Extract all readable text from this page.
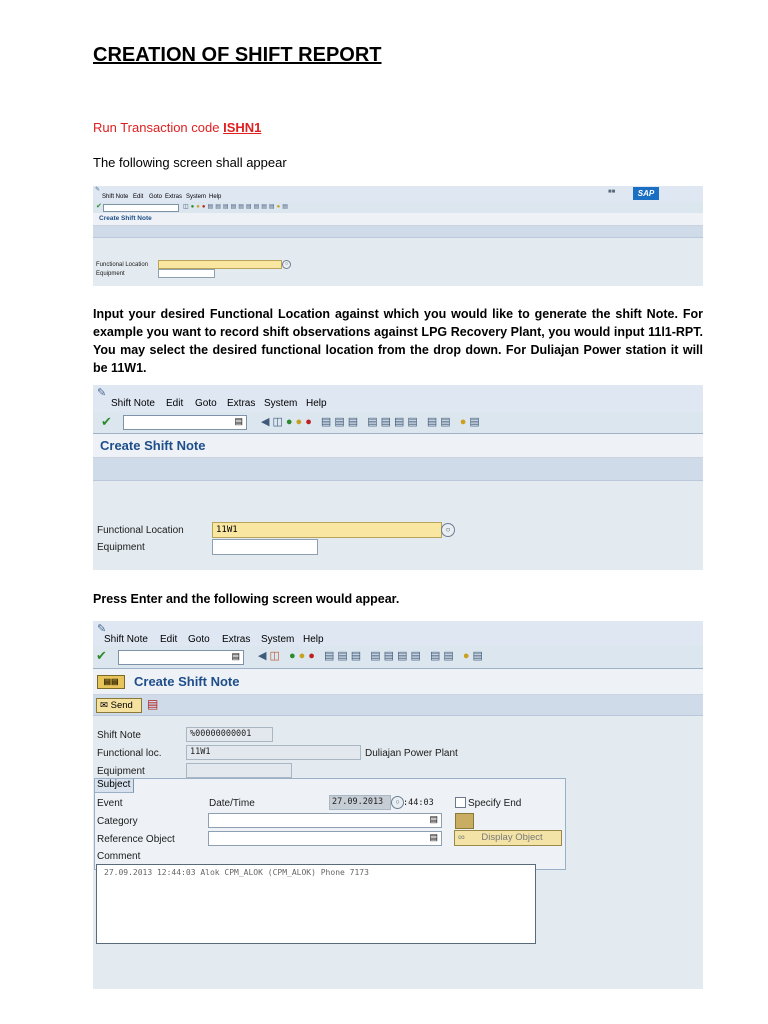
CREATION OF SHIFT REPORT
Run Transaction code ISHN1
The following screen shall appear
✎
Shift Note Edit Goto Extras System Help	SAP
■■
✔	◫●●●▤▤▤▤▤▤▤▤▤●▤
Create Shift Note
Functional Location	○
Equipment
Input your desired Functional Location against which you would like to generate the shift Note. For example you want to record shift observations against LPG Recovery Plant, you would input 11l1-RPT. You may select the desired functional location from the drop down. For Duliajan Power station it will be 11W1.
✎
Shift Note Edit Goto Extras System Help
✔	▤ ◀◫●●● ▤▤▤ ▤▤▤▤ ▤▤ ●▤
Create Shift Note
Functional Location	11W1	○
Equipment
Press Enter and the following screen would appear.
✎
Shift Note Edit Goto Extras System Help
✔	▤ ◀◫ ●●● ▤▤▤ ▤▤▤▤ ▤▤ ●▤
▤▤	Create Shift Note
✉ Send	▤
Shift Note	%00000000001
Functional loc.	11W1	Duliajan Power Plant
Equipment
Subject
Event	Date/Time	27.09.2013	○ :44:03	Specify End
Category	▤
Reference Object	▤	∞ Display Object
Comment
27.09.2013 12:44:03 Alok CPM_ALOK (CPM_ALOK) Phone 7173
